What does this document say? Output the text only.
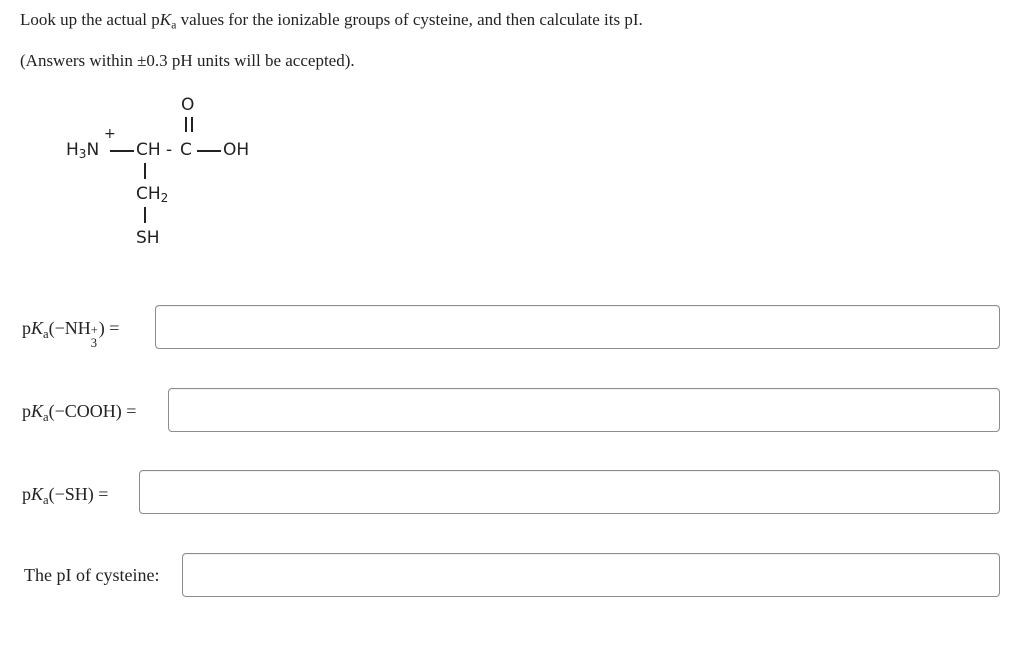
Look up the actual $pK_a$ values for the ionizable groups of cysteine, and then calculate its pI.
(Answers within ±0.3 pH units will be accepted).
O
+
$H_3N$ CH - C OH
$CH_2$
SH
$pK_a(-NH$ +
3
) =
$pK_a(-COOH)$ =
$pK_a(-SH)$ =
The pI of cysteine:
